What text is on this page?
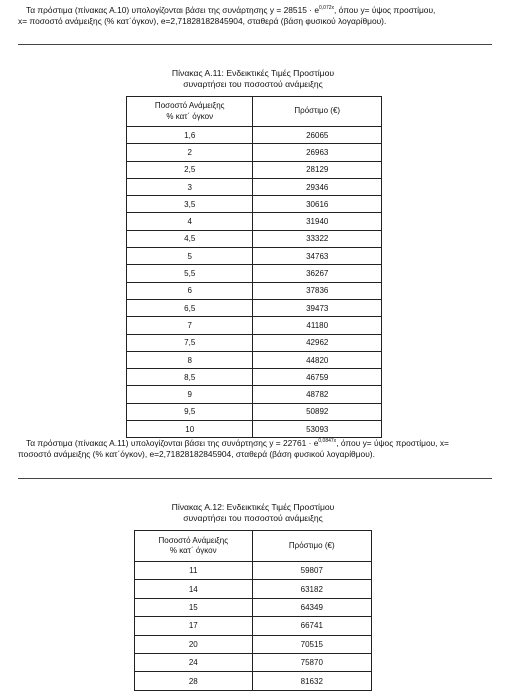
Τα πρόστιμα (πίνακας Α.10) υπολογίζονται βάσει της συνάρτησης $y = 28515 \cdot e^{0,072x}$, όπου y= ύψος προστίμου,
x= ποσοστό ανάμειξης (% κατ΄όγκον), e=2,71828182845904, σταθερά (βάση φυσικού λογαρίθμου).
Πίνακας Α.11: Ενδεικτικές Τιμές Προστίμου
συναρτήσει του ποσοστού ανάμειξης
Ποσοστό Ανάμειξης
% κατ΄ όγκον	Πρόστιμο (€)
1,6	26065
2	26963
2,5	28129
3	29346
3,5	30616
4	31940
4,5	33322
5	34763
5,5	36267
6	37836
6,5	39473
7	41180
7,5	42962
8	44820
8,5	46759
9	48782
9,5	50892
10	53093
Τα πρόστιμα (πίνακας Α.11) υπολογίζονται βάσει της συνάρτησης $y = 22761 \cdot e^{0,0847x}$, όπου y= ύψος προστίμου, x=
ποσοστό ανάμειξης (% κατ΄όγκον), e=2,71828182845904, σταθερά (βάση φυσικού λογαρίθμου).
Πίνακας Α.12: Ενδεικτικές Τιμές Προστίμου
συναρτήσει του ποσοστού ανάμειξης
Ποσοστό Ανάμειξης
% κατ΄ όγκον	Πρόστιμο (€)
11	59807
14	63182
15	64349
17	66741
20	70515
24	75870
28	81632
